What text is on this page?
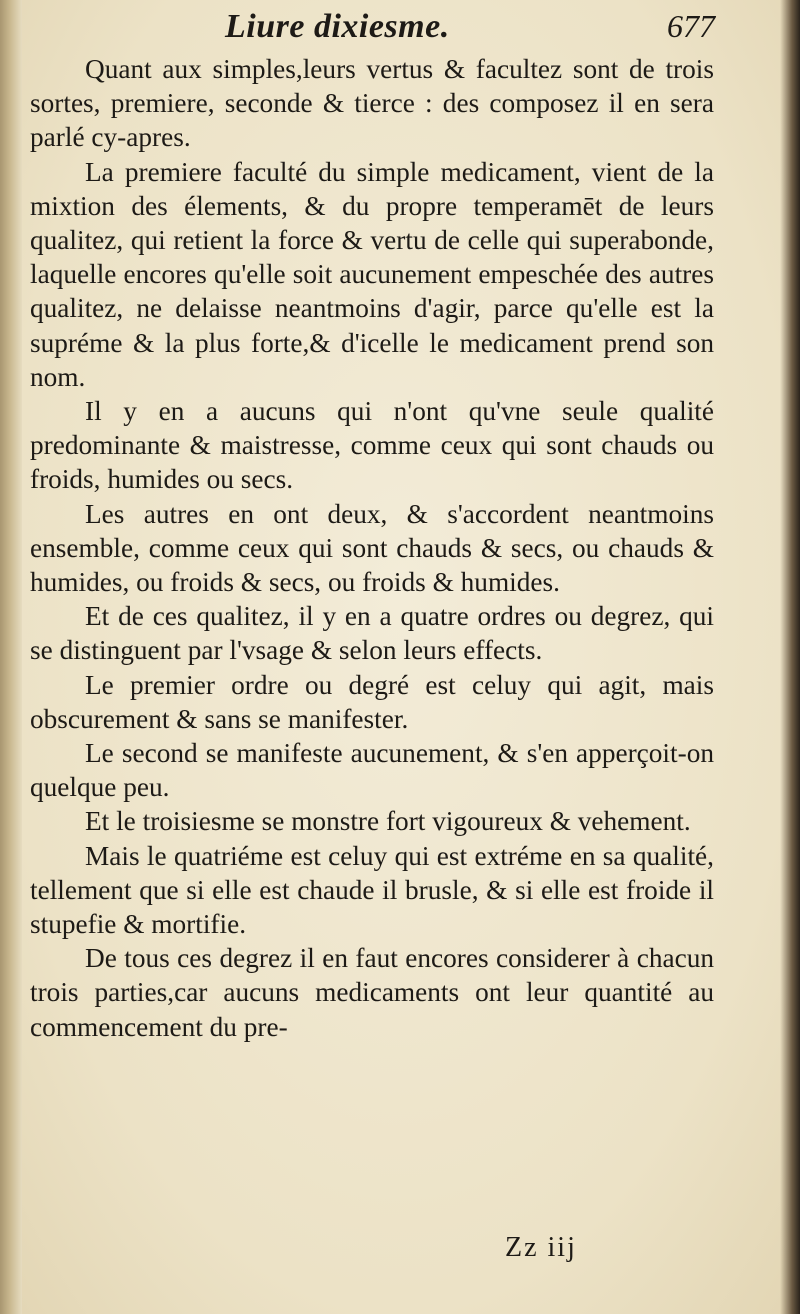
Liure dixiesme.	677

Quant aux simples,leurs vertus & facultez sont de trois sortes, premiere, seconde & tierce : des composez il en sera parlé cy-apres.

La premiere faculté du simple medicament, vient de la mixtion des élements, & du propre temperamēt de leurs qualitez, qui retient la force & vertu de celle qui superabonde, laquelle encores qu'elle soit aucunement empeschée des autres qualitez, ne delaisse neantmoins d'agir, parce qu'elle est la supréme & la plus forte,& d'icelle le medicament prend son nom.

Il y en a aucuns qui n'ont qu'vne seule qualité predominante & maistresse, comme ceux qui sont chauds ou froids, humides ou secs.

Les autres en ont deux, & s'accordent neantmoins ensemble, comme ceux qui sont chauds & secs, ou chauds & humides, ou froids & secs, ou froids & humides.

Et de ces qualitez, il y en a quatre ordres ou degrez, qui se distinguent par l'vsage & selon leurs effects.

Le premier ordre ou degré est celuy qui agit, mais obscurement & sans se manifester.

Le second se manifeste aucunement, & s'en apperçoit-on quelque peu.

Et le troisiesme se monstre fort vigoureux & vehement.

Mais le quatriéme est celuy qui est extréme en sa qualité, tellement que si elle est chaude il brusle, & si elle est froide il stupefie & mortifie.

De tous ces degrez il en faut encores considerer à chacun trois parties,car aucuns medicaments ont leur quantité au commencement du pre-

Zz iij
